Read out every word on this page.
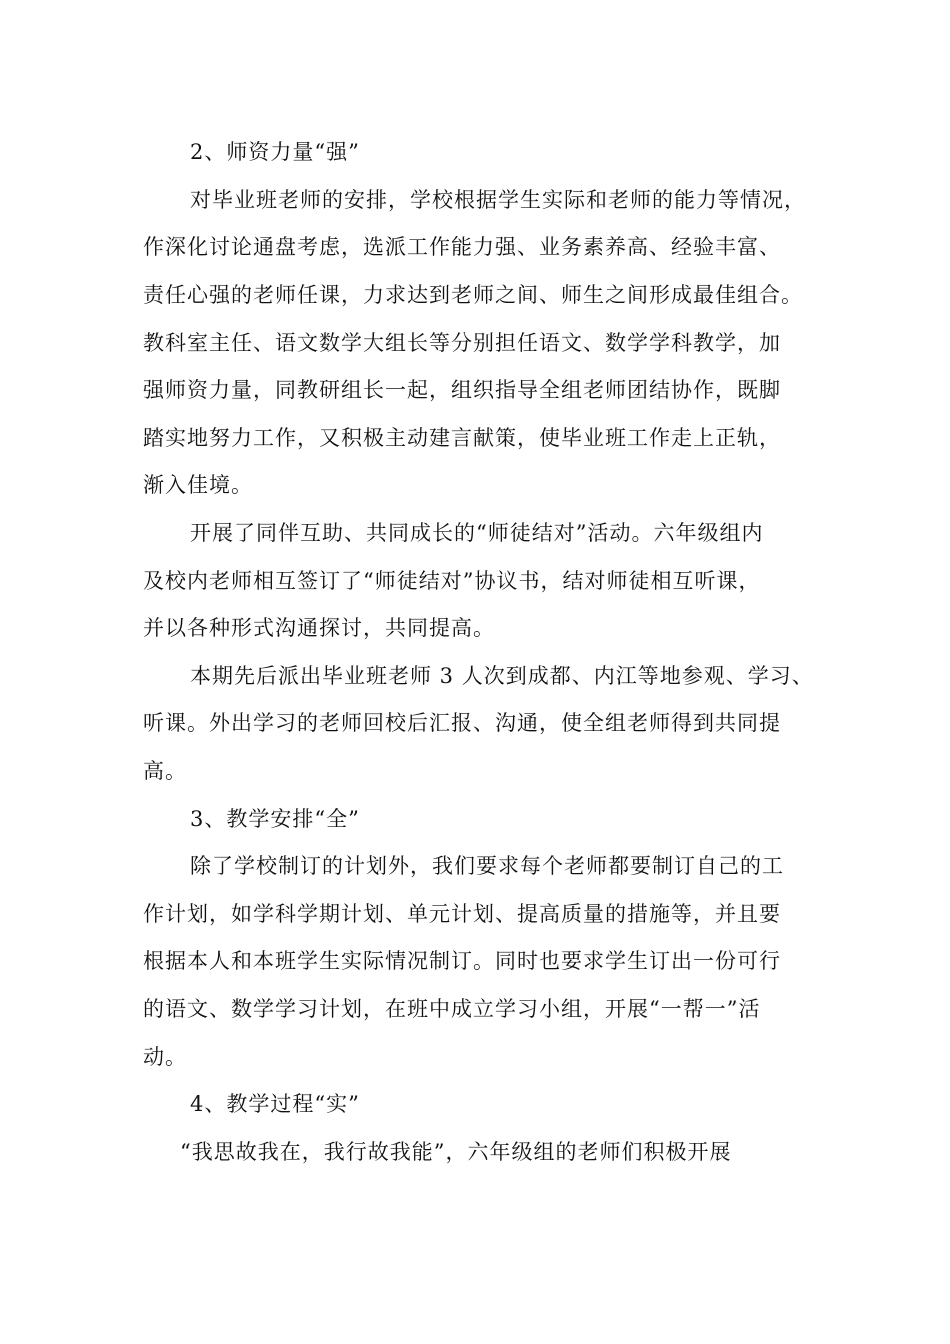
2、师资力量“强”
对毕业班老师的安排，学校根据学生实际和老师的能力等情况，
作深化讨论通盘考虑，选派工作能力强、业务素养高、经验丰富、
责任心强的老师任课，力求达到老师之间、师生之间形成最佳组合。
教科室主任、语文数学大组长等分别担任语文、数学学科教学，加
强师资力量，同教研组长一起，组织指导全组老师团结协作，既脚
踏实地努力工作，又积极主动建言献策，使毕业班工作走上正轨，
渐入佳境。
开展了同伴互助、共同成长的“师徒结对”活动。六年级组内
及校内老师相互签订了“师徒结对”协议书，结对师徒相互听课，
并以各种形式沟通探讨，共同提高。
本期先后派出毕业班老师 3 人次到成都、内江等地参观、学习、
听课。外出学习的老师回校后汇报、沟通，使全组老师得到共同提
高。
3、教学安排“全”
除了学校制订的计划外，我们要求每个老师都要制订自己的工
作计划，如学科学期计划、单元计划、提高质量的措施等，并且要
根据本人和本班学生实际情况制订。同时也要求学生订出一份可行
的语文、数学学习计划，在班中成立学习小组，开展“一帮一”活
动。
4、教学过程“实”
“我思故我在，我行故我能”，六年级组的老师们积极开展
